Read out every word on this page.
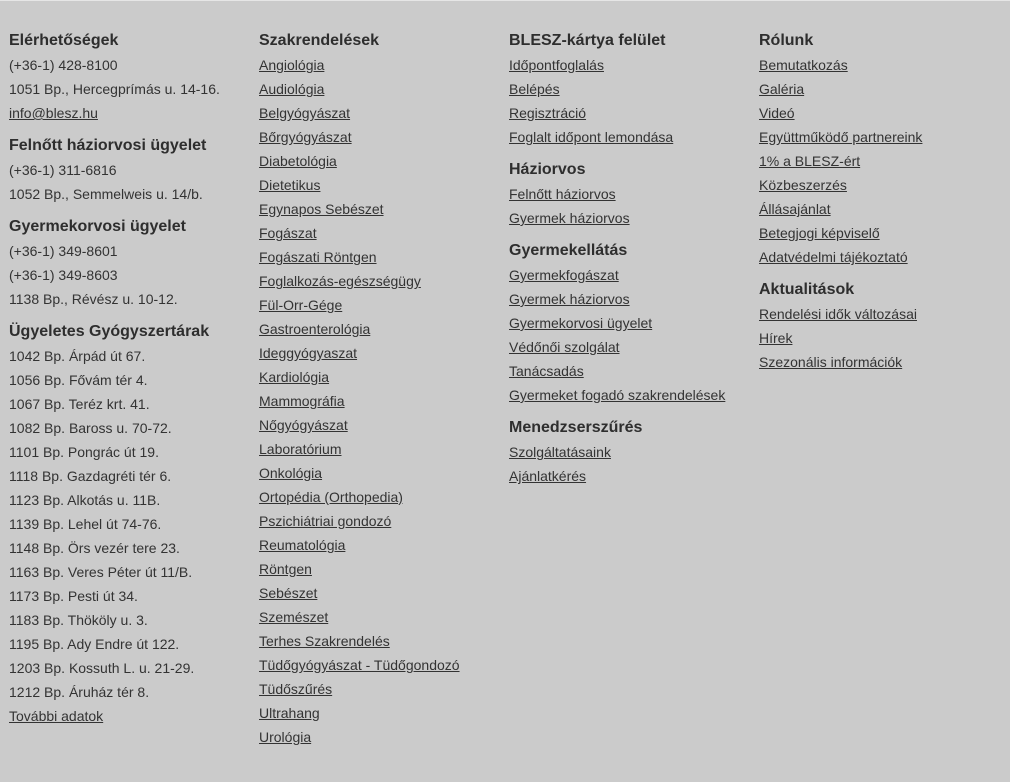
Elérhetőségek
(+36-1) 428-8100
1051 Bp., Hercegprímás u. 14-16.
info@blesz.hu
Felnőtt háziorvosi ügyelet
(+36-1) 311-6816
1052 Bp., Semmelweis u. 14/b.
Gyermekorvosi ügyelet
(+36-1) 349-8601
(+36-1) 349-8603
1138 Bp., Révész u. 10-12.
Ügyeletes Gyógyszertárak
1042 Bp. Árpád út 67.
1056 Bp. Fővám tér 4.
1067 Bp. Teréz krt. 41.
1082 Bp. Baross u. 70-72.
1101 Bp. Pongrác út 19.
1118 Bp. Gazdagréti tér 6.
1123 Bp. Alkotás u. 11B.
1139 Bp. Lehel út 74-76.
1148 Bp. Örs vezér tere 23.
1163 Bp. Veres Péter út 11/B.
1173 Bp. Pesti út 34.
1183 Bp. Thököly u. 3.
1195 Bp. Ady Endre út 122.
1203 Bp. Kossuth L. u. 21-29.
1212 Bp. Áruház tér 8.
További adatok
Szakrendelések
Angiológia
Audiológia
Belgyógyászat
Bőrgyógyászat
Diabetológia
Dietetikus
Egynapos Sebészet
Fogászat
Fogászati Röntgen
Foglalkozás-egészségügy
Fül-Orr-Gége
Gastroenterológia
Ideggyógyaszat
Kardiológia
Mammográfia
Nőgyógyászat
Laboratórium
Onkológia
Ortopédia (Orthopedia)
Pszichiátriai gondozó
Reumatológia
Röntgen
Sebészet
Szemészet
Terhes Szakrendelés
Tüdőgyógyászat - Tüdőgondozó
Tüdőszűrés
Ultrahang
Urológia
BLESZ-kártya felület
Időpontfoglalás
Belépés
Regisztráció
Foglalt időpont lemondása
Háziorvos
Felnőtt háziorvos
Gyermek háziorvos
Gyermekellátás
Gyermekfogászat
Gyermek háziorvos
Gyermekorvosi ügyelet
Védőnői szolgálat
Tanácsadás
Gyermeket fogadó szakrendelések
Menedzserszűrés
Szolgáltatásaink
Ajánlatkérés
Rólunk
Bemutatkozás
Galéria
Videó
Együttműködő partnereink
1% a BLESZ-ért
Közbeszerzés
Állásajánlat
Betegjogi képviselő
Adatvédelmi tájékoztató
Aktualitások
Rendelési idők változásai
Hírek
Szezonális információk
